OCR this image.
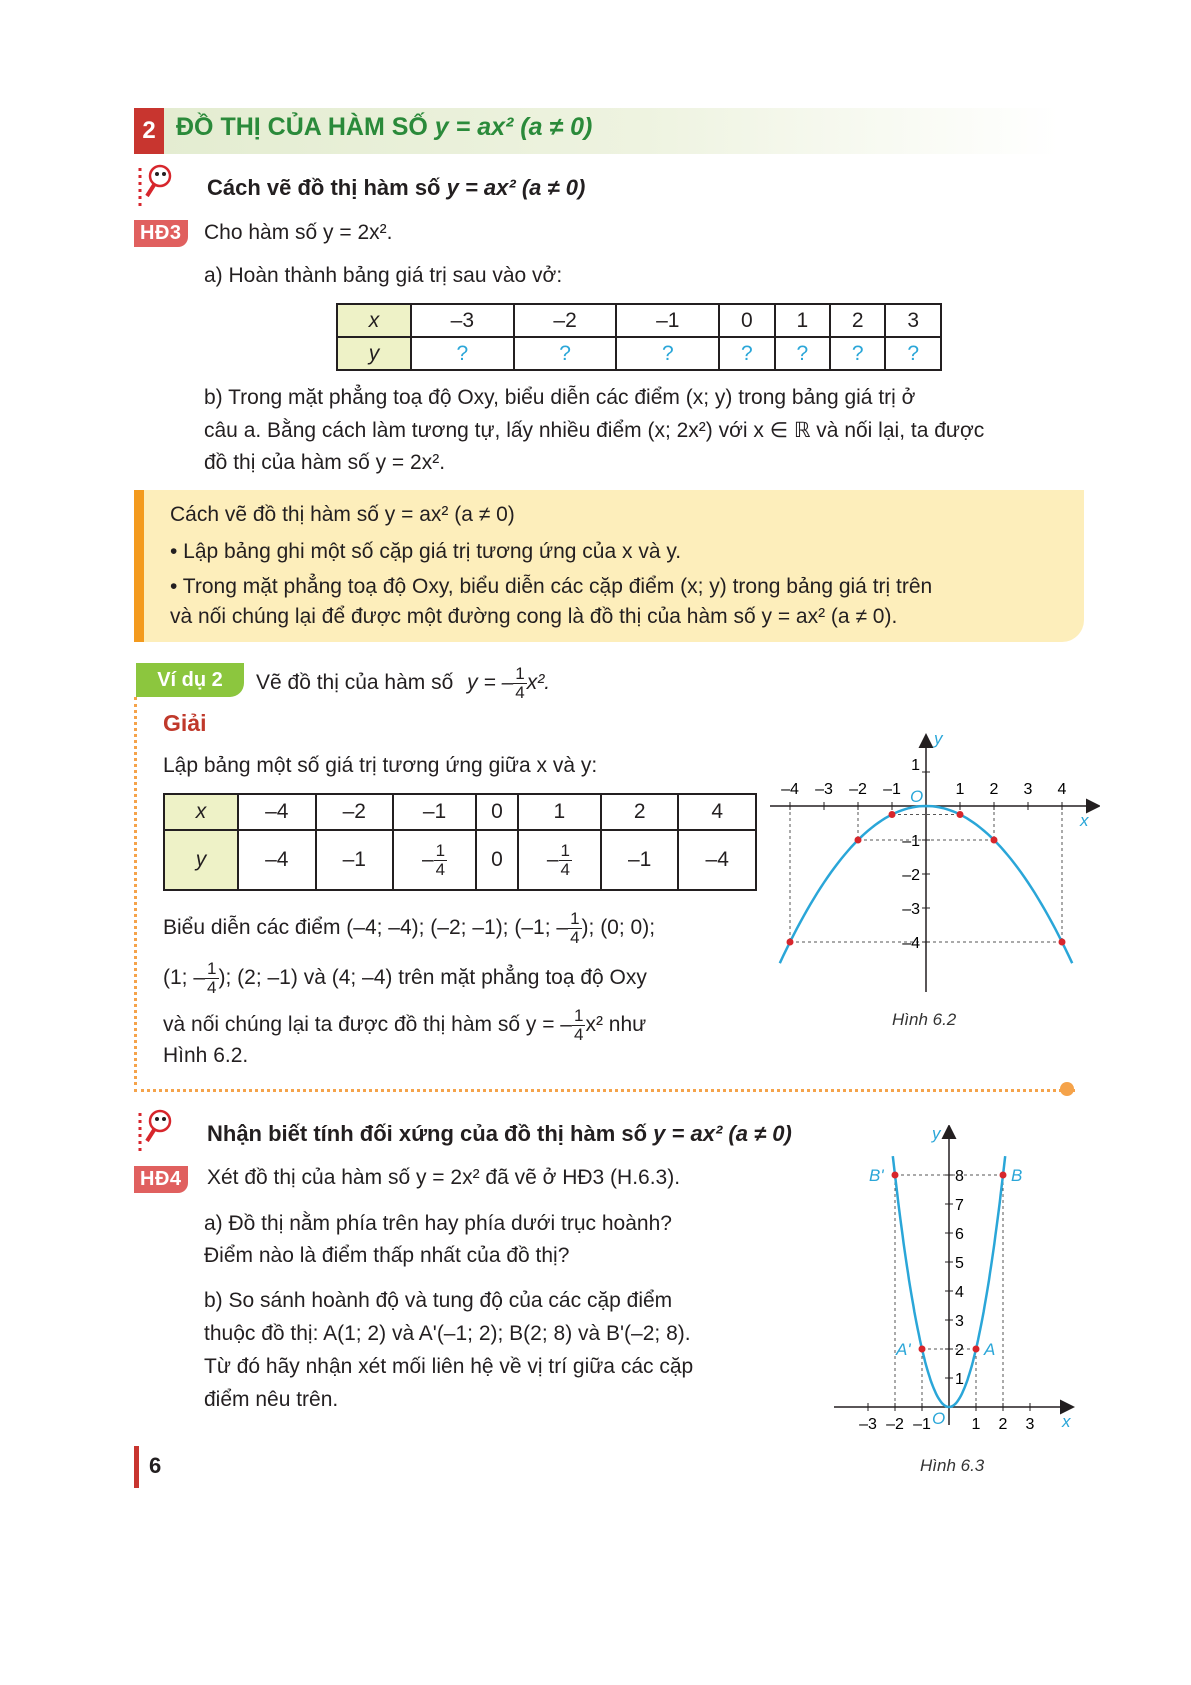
2 ĐỒ THỊ CỦA HÀM SỐ y = ax² (a ≠ 0)
Cách vẽ đồ thị hàm số y = ax² (a ≠ 0)
HĐ3 Cho hàm số y = 2x².
a) Hoàn thành bảng giá trị sau vào vở:
x	–3	–2	–1	0	1	2	3
y	?	?	?	?	?	?	?
b) Trong mặt phẳng toạ độ Oxy, biểu diễn các điểm (x; y) trong bảng giá trị ở
câu a. Bằng cách làm tương tự, lấy nhiều điểm (x; 2x²) với x ∈ ℝ và nối lại, ta được
đồ thị của hàm số y = 2x².
Cách vẽ đồ thị hàm số y = ax² (a ≠ 0)
• Lập bảng ghi một số cặp giá trị tương ứng của x và y.
• Trong mặt phẳng toạ độ Oxy, biểu diễn các cặp điểm (x; y) trong bảng giá trị trên
và nối chúng lại để được một đường cong là đồ thị của hàm số y = ax² (a ≠ 0).
Ví dụ 2	Vẽ đồ thị của hàm số y = – $\frac{1}{4} x^2$.
Giải
Lập bảng một số giá trị tương ứng giữa x và y:
x	–4	–2	–1	0	1	2	4
y	–4	–1	– $\frac{1}{4}$	0	– $\frac{1}{4}$	–1	–4
Biểu diễn các điểm (–4; –4); (–2; –1); (–1; – $\frac{1}{4}$ ); (0; 0);
(1; – $\frac{1}{4}$ ); (2; –1) và (4; –4) trên mặt phẳng toạ độ Oxy
và nối chúng lại ta được đồ thị hàm số y = – $\frac{1}{4} x^2$ như
Hình 6.2.
–4 –3 –2 –1	1 2 3 4
1
–1
–2
–3
–4
x
y
O
Hình 6.2
Nhận biết tính đối xứng của đồ thị hàm số y = ax² (a ≠ 0)
HĐ4 Xét đồ thị của hàm số y = 2x² đã vẽ ở HĐ3 (H.6.3).
a) Đồ thị nằm phía trên hay phía dưới trục hoành?
Điểm nào là điểm thấp nhất của đồ thị?
b) So sánh hoành độ và tung độ của các cặp điểm
thuộc đồ thị: A(1; 2) và A'(–1; 2); B(2; 8) và B'(–2; 8).
Từ đó hãy nhận xét mối liên hệ về vị trí giữa các cặp
điểm nêu trên.
–3 –2 –1	1 2 3
1
2
3
4
5
6
7
8
A
A'
B
B'
x
y
O
Hình 6.3
6
